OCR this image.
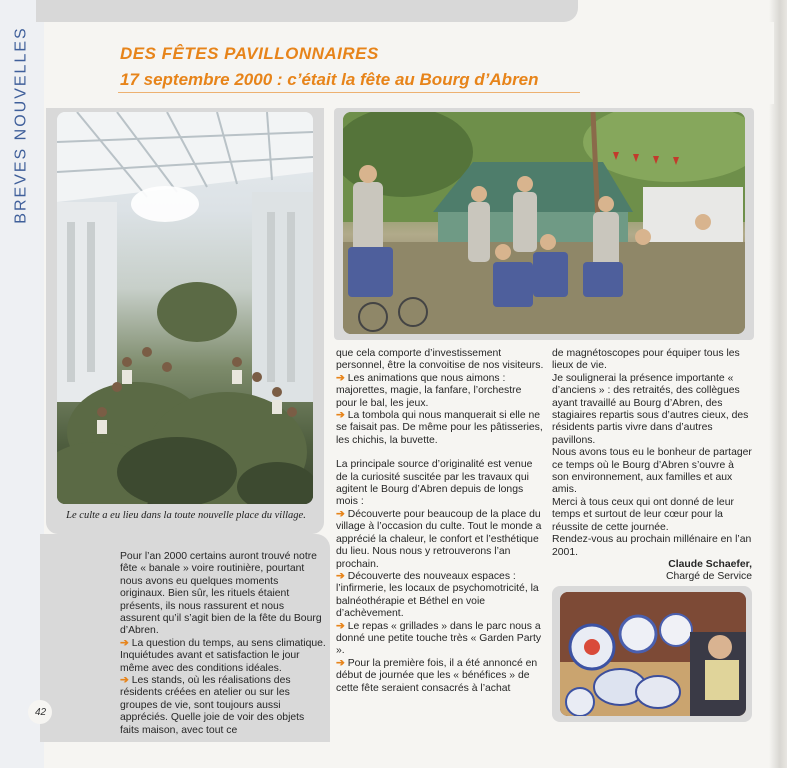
BREVES NOUVELLES	DES FÊTES PAVILLONNAIRES
17 septembre 2000 : c’était la fête au Bourg d’Abren
Le culte a eu lieu dans la toute nouvelle place du village.

Pour l’an 2000 certains auront trouvé notre fête « banale » voire routinière, pourtant nous avons eu quelques moments originaux. Bien sûr, les rituels étaient présents, ils nous rassurent et nous assurent qu’il s’agit bien de la fête du Bourg d’Abren.

➔ La question du temps, au sens climatique. Inquiétudes avant et satisfaction le jour même avec des conditions idéales.

➔ Les stands, où les réalisations des résidents créées en atelier ou sur les groupes de vie, sont toujours aussi appréciés. Quelle joie de voir des objets faits maison, avec tout ce

que cela comporte d’investissement personnel, être la convoitise de nos visiteurs.

➔ Les animations que nous aimons : majorettes, magie, la fanfare, l’orchestre pour le bal, les jeux.

➔ La tombola qui nous manquerait si elle ne se faisait pas. De même pour les pâtisseries, les chichis, la buvette.

La principale source d’originalité est venue de la curiosité suscitée par les travaux qui agitent le Bourg d’Abren depuis de longs mois :

➔ Découverte pour beaucoup de la place du village à l’occasion du culte. Tout le monde a apprécié la chaleur, le confort et l’esthétique du lieu. Nous nous y retrouverons l’an prochain.

➔ Découverte des nouveaux espaces : l’infirmerie, les locaux de psychomotricité, la balnéothérapie et Béthel en voie d’achèvement.

➔ Le repas « grillades » dans le parc nous a donné une petite touche très « Garden Party ».

➔ Pour la première fois, il a été annoncé en début de journée que les « bénéfices » de cette fête seraient consacrés à l’achat

de magnétoscopes pour équiper tous les lieux de vie.

Je soulignerai la présence importante « d’anciens » : des retraités, des collègues ayant travaillé au Bourg d’Abren, des stagiaires repartis sous d’autres cieux, des résidents partis vivre dans d’autres pavillons.

Nous avons tous eu le bonheur de partager ce temps où le Bourg d’Abren s’ouvre à son environnement, aux familles et aux amis.

Merci à tous ceux qui ont donné de leur temps et surtout de leur cœur pour la réussite de cette journée.

Rendez-vous au prochain millénaire en l’an 2001.

Claude Schaefer,

Chargé de Service

42
